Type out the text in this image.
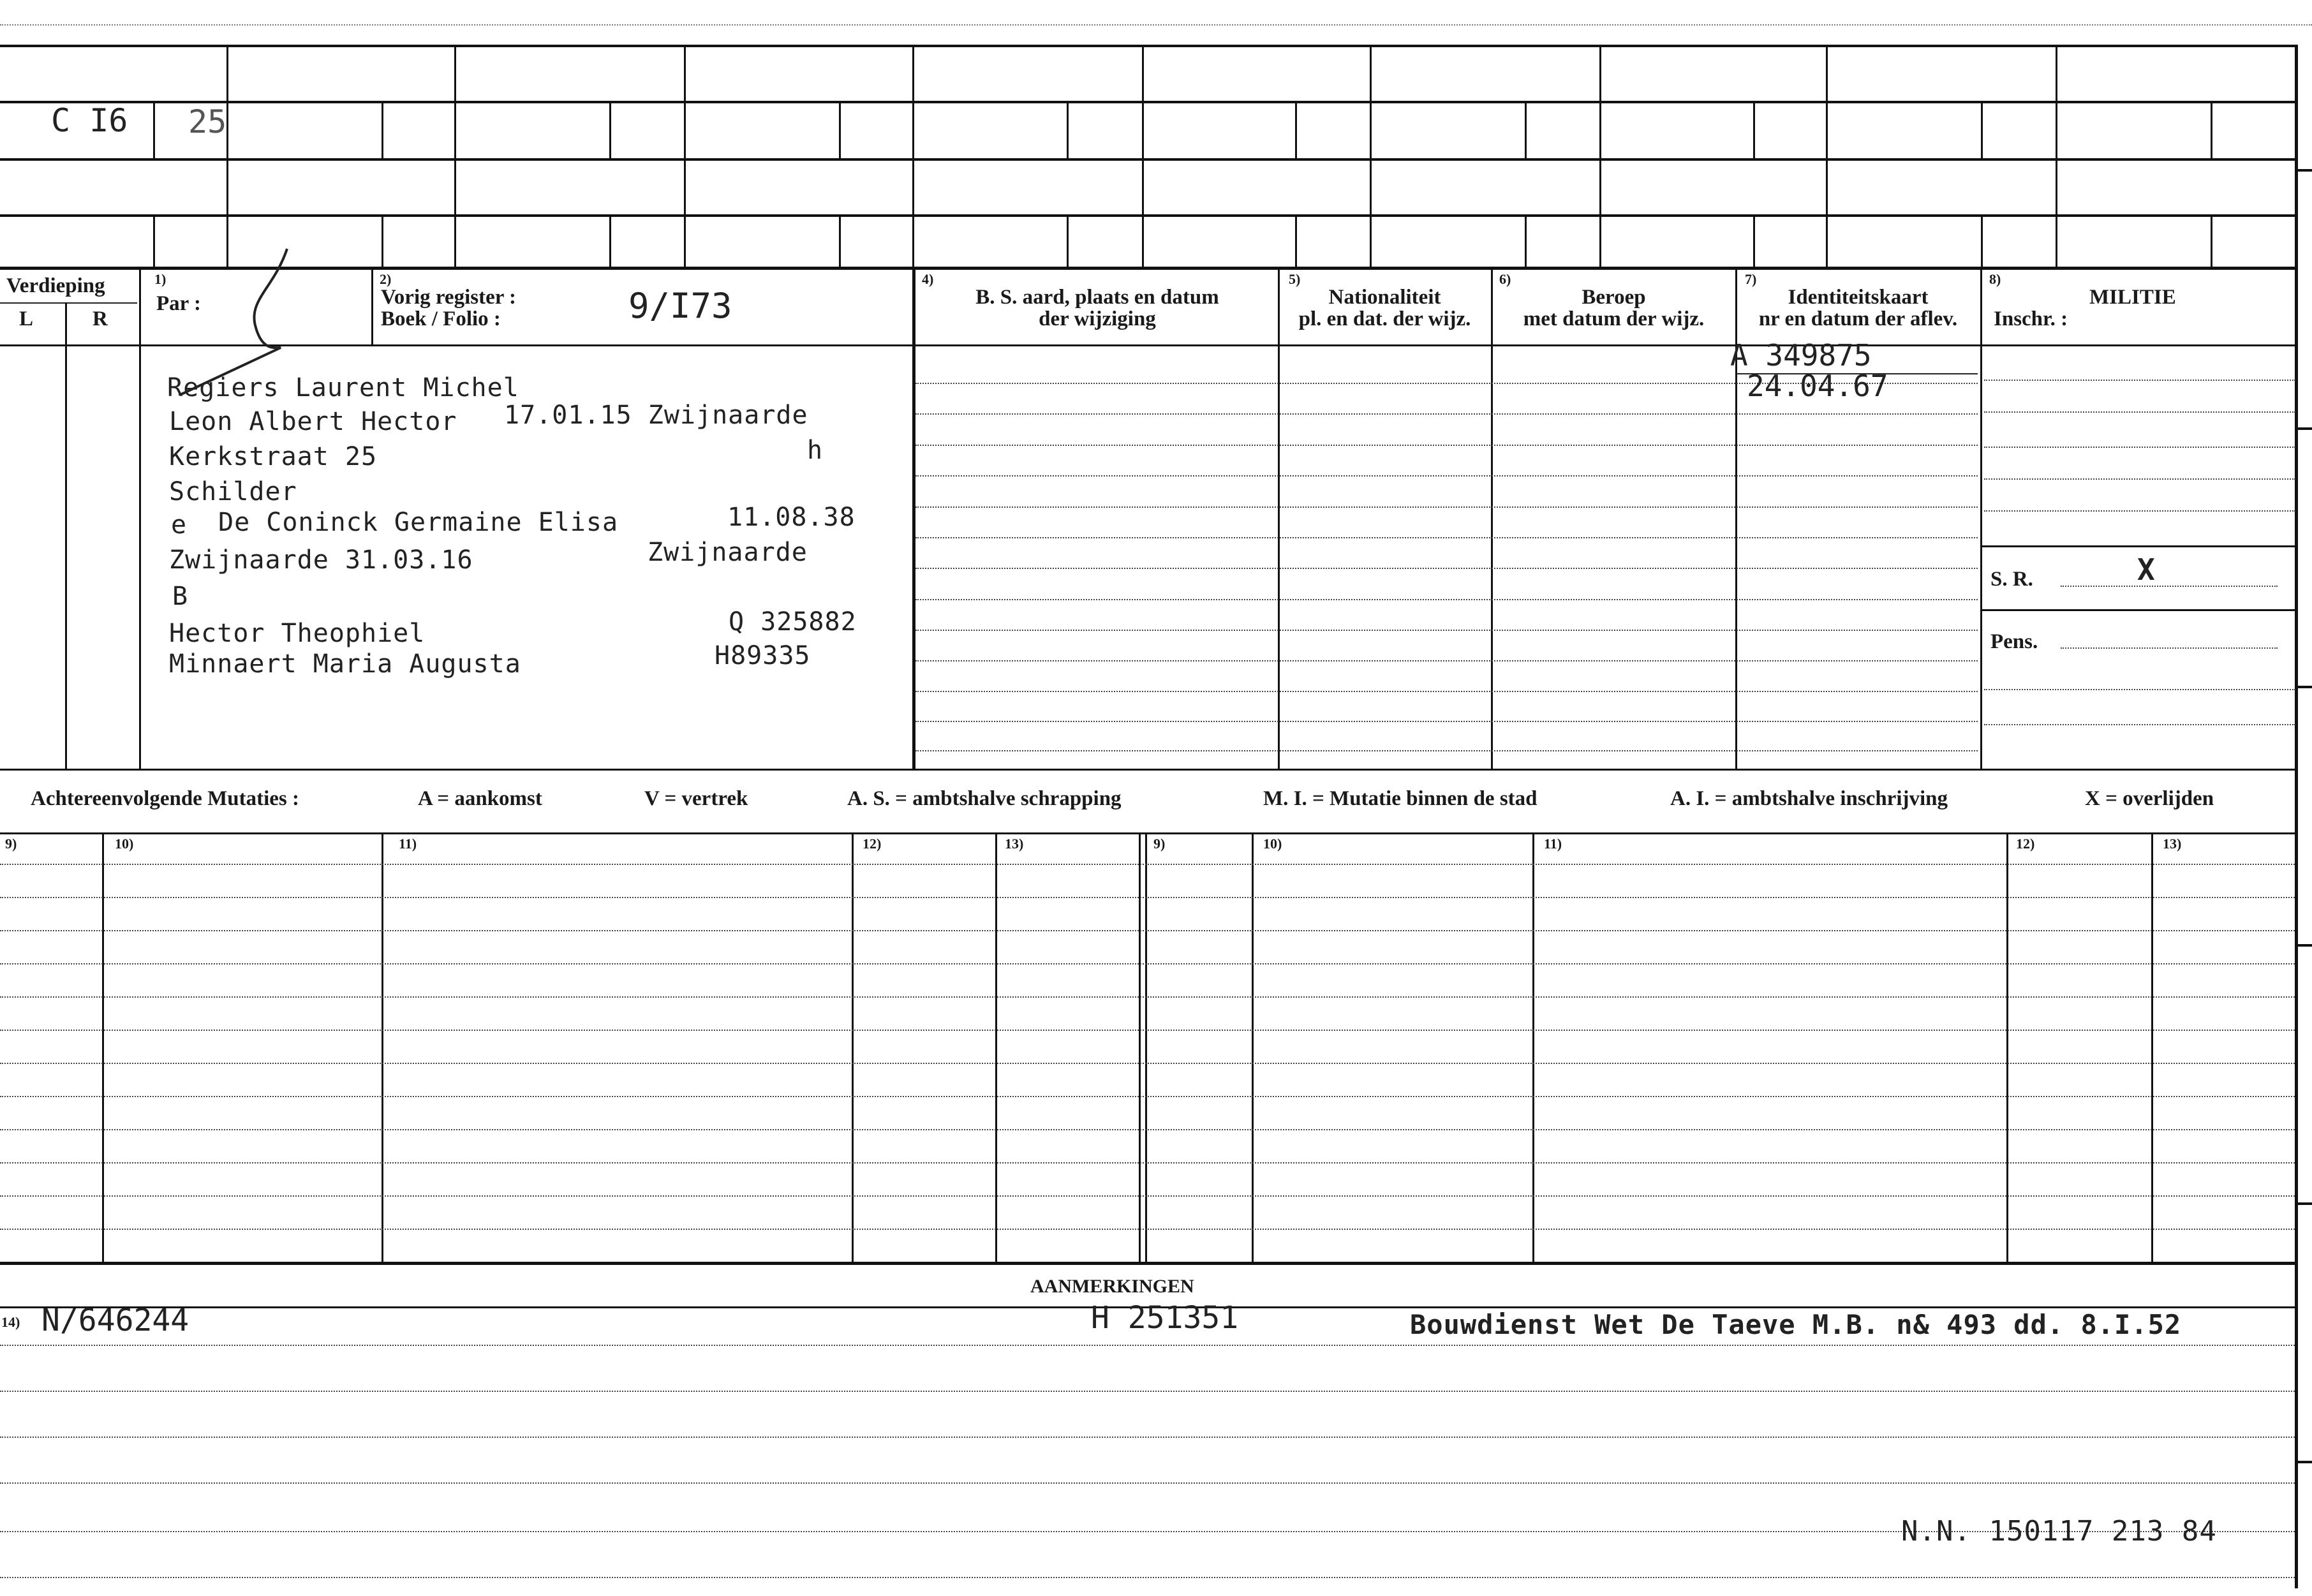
C I6 25
Verdieping
L	R
1)
Par :
2)
Vorig register :
Boek / Folio :	9/I73
4)
B. S. aard, plaats en datum
der wijziging
5)
Nationaliteit
pl. en dat. der wijz.
6)
Beroep
met datum der wijz.
7)
Identiteitskaart
nr en datum der aflev.
8)
MILITIE
Inschr. :
S. R.	X
Pens.
A 349875
24.04.67
Regiers Laurent Michel
Leon Albert Hector 17.01.15 Zwijnaarde
Kerkstraat 25	h
Schilder
e De Coninck Germaine Elisa	11.08.38
Zwijnaarde 31.03.16	Zwijnaarde
B
Hector Theophiel	Q 325882
Minnaert Maria Augusta	H89335
Achtereenvolgende Mutaties :	A = aankomst	V = vertrek	A. S. = ambtshalve schrapping	M. I. = Mutatie binnen de stad	A. I. = ambtshalve inschrijving	X = overlijden
9)	10)	11)	12)	13)	9)	10)	11)	12)	13)
AANMERKINGEN
14) N/646244	H 251351	Bouwdienst Wet De Taeve M.B. n& 493 dd. 8.I.52
N.N. 150117 213 84
